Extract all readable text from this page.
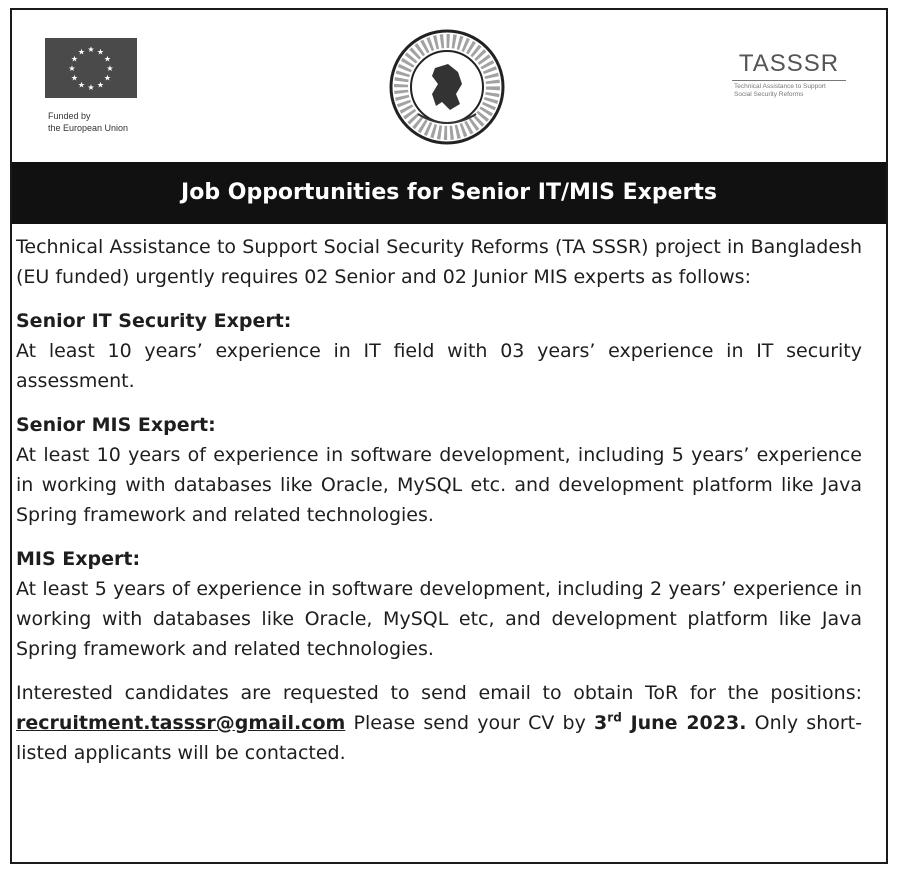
★ ★
★
★
★
★
★
★
★
★
★
★
Funded by
the European Union
TASSSR
Technical Assistance to Support
Social Security Reforms
Job Opportunities for Senior IT/MIS Experts

Technical Assistance to Support Social Security Reforms (TA SSSR) project in Bangladesh (EU funded) urgently requires 02 Senior and 02 Junior MIS experts as follows:

Senior IT Security Expert:

At least 10 years’ experience in IT field with 03 years’ experience in IT security assessment.

Senior MIS Expert:

At least 10 years of experience in software development, including 5 years’ experience in working with databases like Oracle, MySQL etc. and development platform like Java Spring framework and related technologies.

MIS Expert:

At least 5 years of experience in software development, including 2 years’ experience in working with databases like Oracle, MySQL etc, and development platform like Java Spring framework and related technologies.

Interested candidates are requested to send email to obtain ToR for the positions: recruitment.tasssr@gmail.com Please send your CV by 3rd June 2023. Only short-listed applicants will be contacted.
